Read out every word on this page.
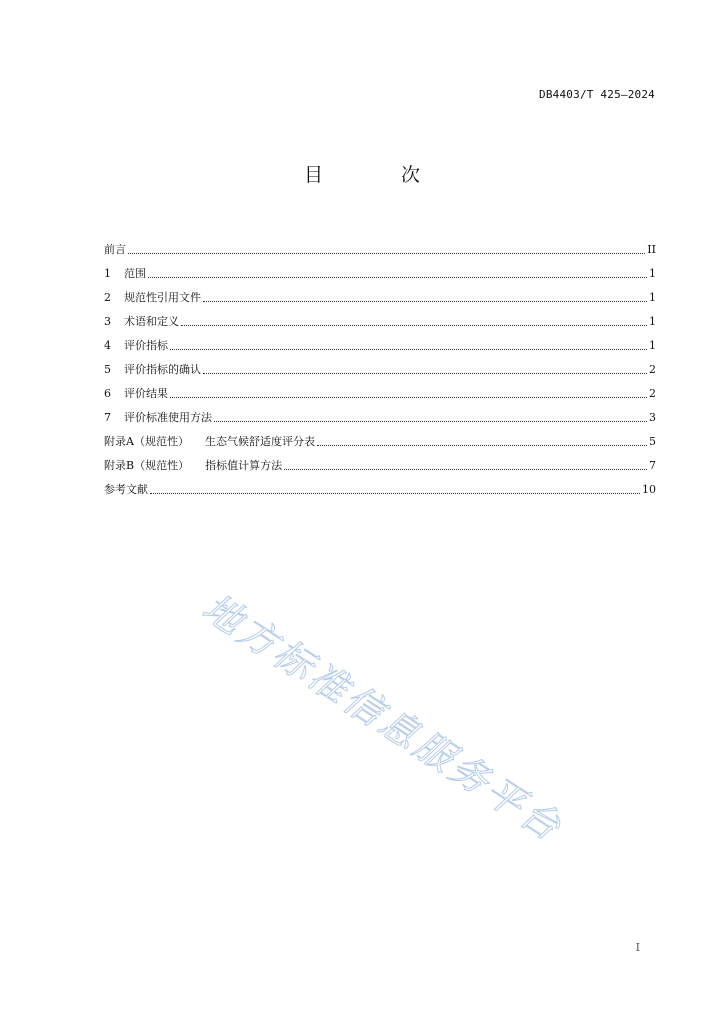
DB4403/T 425—2024
目 次
前言	II
1 范围	1
2 规范性引用文件	1
3 术语和定义	1
4 评价指标	1
5 评价指标的确认	2
6 评价结果	2
7 评价标准使用方法	3
附录A（规范性） 生态气候舒适度评分表	5
附录B（规范性） 指标值计算方法	7
参考文献	10
地方标准信息服务平台
I
